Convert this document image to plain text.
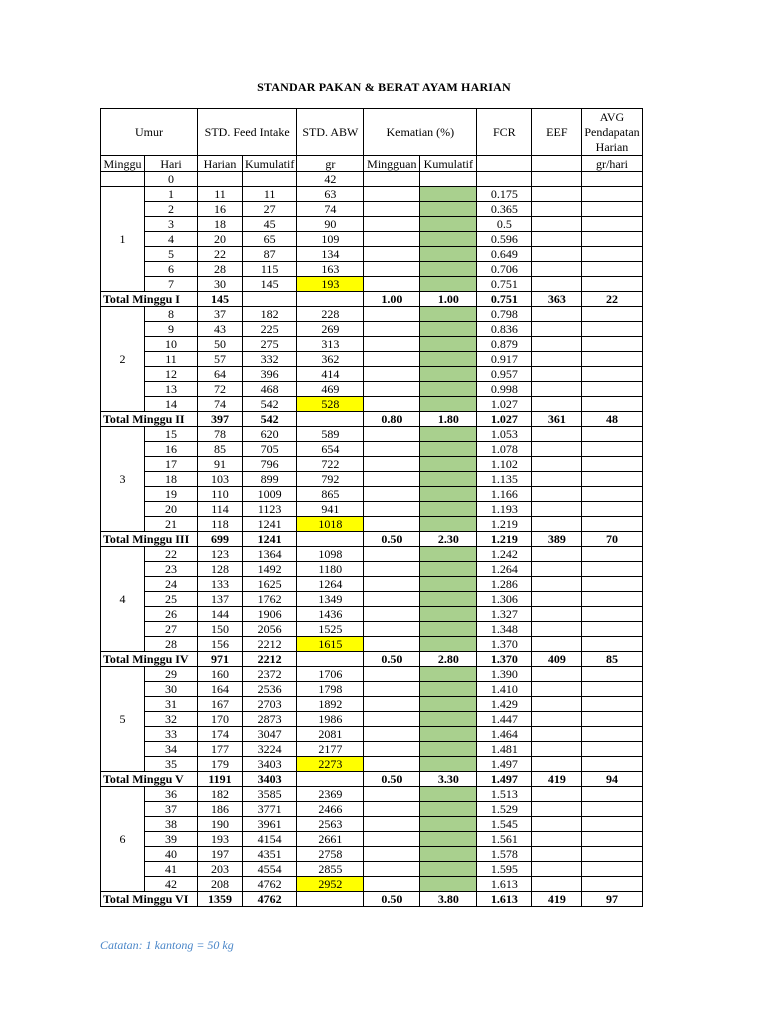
STANDAR PAKAN & BERAT AYAM HARIAN
Umur		STD. Feed Intake		STD. ABW	Kematian (%)		FCR	EEF	AVG
Pendapatan
Harian

Minggu	Hari	Harian	Kumulatif	gr	Mingguan	Kumulatif			gr/hari
	0			42					
1	1	11	11	63			0.175		
	2	16	27	74			0.365		
	3	18	45	90			0.5		
	4	20	65	109			0.596		
	5	22	87	134			0.649		
	6	28	115	163			0.706		
	7	30	145	193			0.751		
Total Minggu I		145			1.00	1.00	0.751	363	22
2	8	37	182	228			0.798		
	9	43	225	269			0.836		
	10	50	275	313			0.879		
	11	57	332	362			0.917		
	12	64	396	414			0.957		
	13	72	468	469			0.998		
	14	74	542	528			1.027		
Total Minggu II		397	542		0.80	1.80	1.027	361	48
3	15	78	620	589			1.053		
	16	85	705	654			1.078		
	17	91	796	722			1.102		
	18	103	899	792			1.135		
	19	110	1009	865			1.166		
	20	114	1123	941			1.193		
	21	118	1241	1018			1.219		
Total Minggu III		699	1241		0.50	2.30	1.219	389	70
4	22	123	1364	1098			1.242		
	23	128	1492	1180			1.264		
	24	133	1625	1264			1.286		
	25	137	1762	1349			1.306		
	26	144	1906	1436			1.327		
	27	150	2056	1525			1.348		
	28	156	2212	1615			1.370		
Total Minggu IV		971	2212		0.50	2.80	1.370	409	85
5	29	160	2372	1706			1.390		
	30	164	2536	1798			1.410		
	31	167	2703	1892			1.429		
	32	170	2873	1986			1.447		
	33	174	3047	2081			1.464		
	34	177	3224	2177			1.481		
	35	179	3403	2273			1.497		
Total Minggu V		1191	3403		0.50	3.30	1.497	419	94
6	36	182	3585	2369			1.513		
	37	186	3771	2466			1.529		
	38	190	3961	2563			1.545		
	39	193	4154	2661			1.561		
	40	197	4351	2758			1.578		
	41	203	4554	2855			1.595		
	42	208	4762	2952			1.613		
Total Minggu VI		1359	4762		0.50	3.80	1.613	419	97
Catatan: 1 kantong = 50 kg
